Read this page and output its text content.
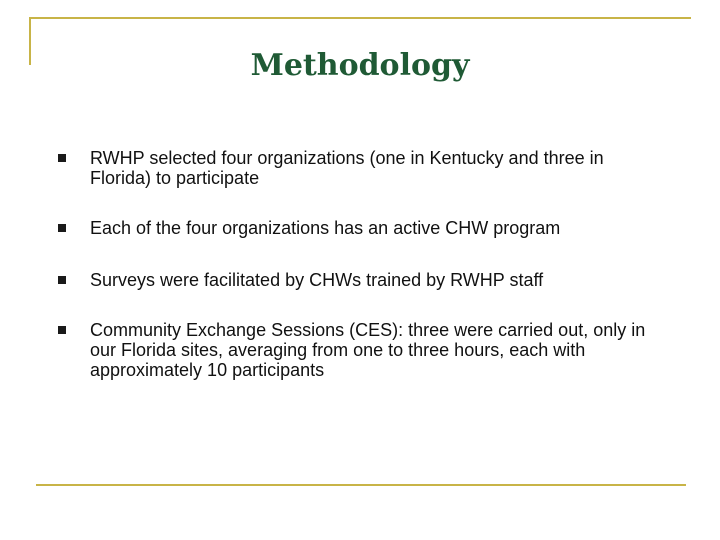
Methodology
RWHP selected four organizations (one in Kentucky and three in Florida) to participate
Each of the four organizations has an active CHW program
Surveys were facilitated by CHWs trained by RWHP staff
Community Exchange Sessions (CES): three were carried out, only in our Florida sites, averaging from one to three hours, each with approximately 10 participants
